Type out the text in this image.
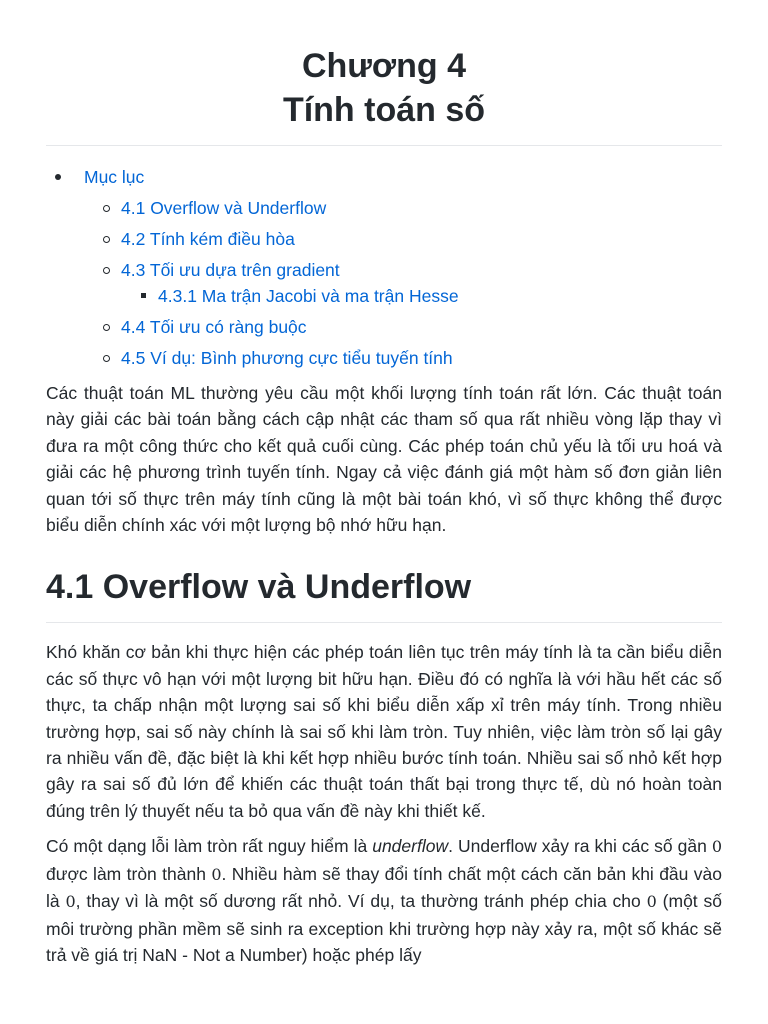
Chương 4
Tính toán số
Mục lục
4.1 Overflow và Underflow
4.2 Tính kém điều hòa
4.3 Tối ưu dựa trên gradient
4.3.1 Ma trận Jacobi và ma trận Hesse
4.4 Tối ưu có ràng buộc
4.5 Ví dụ: Bình phương cực tiểu tuyến tính

Các thuật toán ML thường yêu cầu một khối lượng tính toán rất lớn. Các thuật toán này giải các bài toán bằng cách cập nhật các tham số qua rất nhiều vòng lặp thay vì đưa ra một công thức cho kết quả cuối cùng. Các phép toán chủ yếu là tối ưu hoá và giải các hệ phương trình tuyến tính. Ngay cả việc đánh giá một hàm số đơn giản liên quan tới số thực trên máy tính cũng là một bài toán khó, vì số thực không thể được biểu diễn chính xác với một lượng bộ nhớ hữu hạn.

4.1 Overflow và Underflow

Khó khăn cơ bản khi thực hiện các phép toán liên tục trên máy tính là ta cần biểu diễn các số thực vô hạn với một lượng bit hữu hạn. Điều đó có nghĩa là với hầu hết các số thực, ta chấp nhận một lượng sai số khi biểu diễn xấp xỉ trên máy tính. Trong nhiều trường hợp, sai số này chính là sai số khi làm tròn. Tuy nhiên, việc làm tròn số lại gây ra nhiều vấn đề, đặc biệt là khi kết hợp nhiều bước tính toán. Nhiều sai số nhỏ kết hợp gây ra sai số đủ lớn để khiến các thuật toán thất bại trong thực tế, dù nó hoàn toàn đúng trên lý thuyết nếu ta bỏ qua vấn đề này khi thiết kế.

Có một dạng lỗi làm tròn rất nguy hiểm là underflow. Underflow xảy ra khi các số gần 0 được làm tròn thành 0. Nhiều hàm sẽ thay đổi tính chất một cách căn bản khi đầu vào là 0, thay vì là một số dương rất nhỏ. Ví dụ, ta thường tránh phép chia cho 0 (một số môi trường phần mềm sẽ sinh ra exception khi trường hợp này xảy ra, một số khác sẽ trả về giá trị NaN - Not a Number) hoặc phép lấy
